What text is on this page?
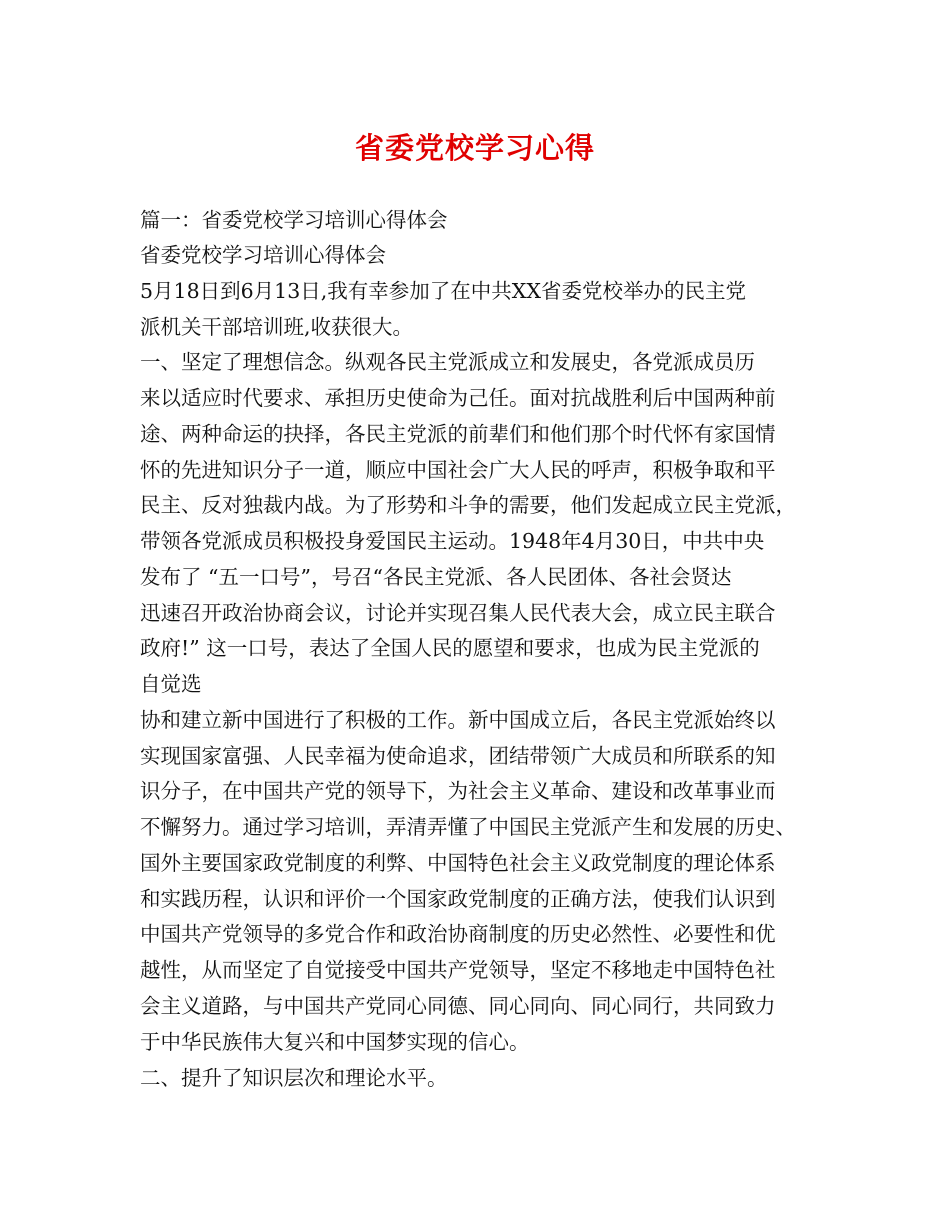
省委党校学习心得
篇一：省委党校学习培训心得体会
省委党校学习培训心得体会
5月18日到6月13日,我有幸参加了在中共XX省委党校举办的民主党
派机关干部培训班,收获很大。
一、坚定了理想信念。纵观各民主党派成立和发展史，各党派成员历
来以适应时代要求、承担历史使命为己任。面对抗战胜利后中国两种前
途、两种命运的抉择，各民主党派的前辈们和他们那个时代怀有家国情
怀的先进知识分子一道，顺应中国社会广大人民的呼声，积极争取和平
民主、反对独裁内战。为了形势和斗争的需要，他们发起成立民主党派，
带领各党派成员积极投身爱国民主运动。1948年4月30日，中共中央
发布了 “五一口号”，号召“各民主党派、各人民团体、各社会贤达
迅速召开政治协商会议，讨论并实现召集人民代表大会，成立民主联合
政府!” 这一口号，表达了全国人民的愿望和要求，也成为民主党派的
自觉选
协和建立新中国进行了积极的工作。新中国成立后，各民主党派始终以
实现国家富强、人民幸福为使命追求，团结带领广大成员和所联系的知
识分子，在中国共产党的领导下，为社会主义革命、建设和改革事业而
不懈努力。通过学习培训，弄清弄懂了中国民主党派产生和发展的历史、
国外主要国家政党制度的利弊、中国特色社会主义政党制度的理论体系
和实践历程，认识和评价一个国家政党制度的正确方法，使我们认识到
中国共产党领导的多党合作和政治协商制度的历史必然性、必要性和优
越性，从而坚定了自觉接受中国共产党领导，坚定不移地走中国特色社
会主义道路，与中国共产党同心同德、同心同向、同心同行，共同致力
于中华民族伟大复兴和中国梦实现的信心。
二、提升了知识层次和理论水平。
